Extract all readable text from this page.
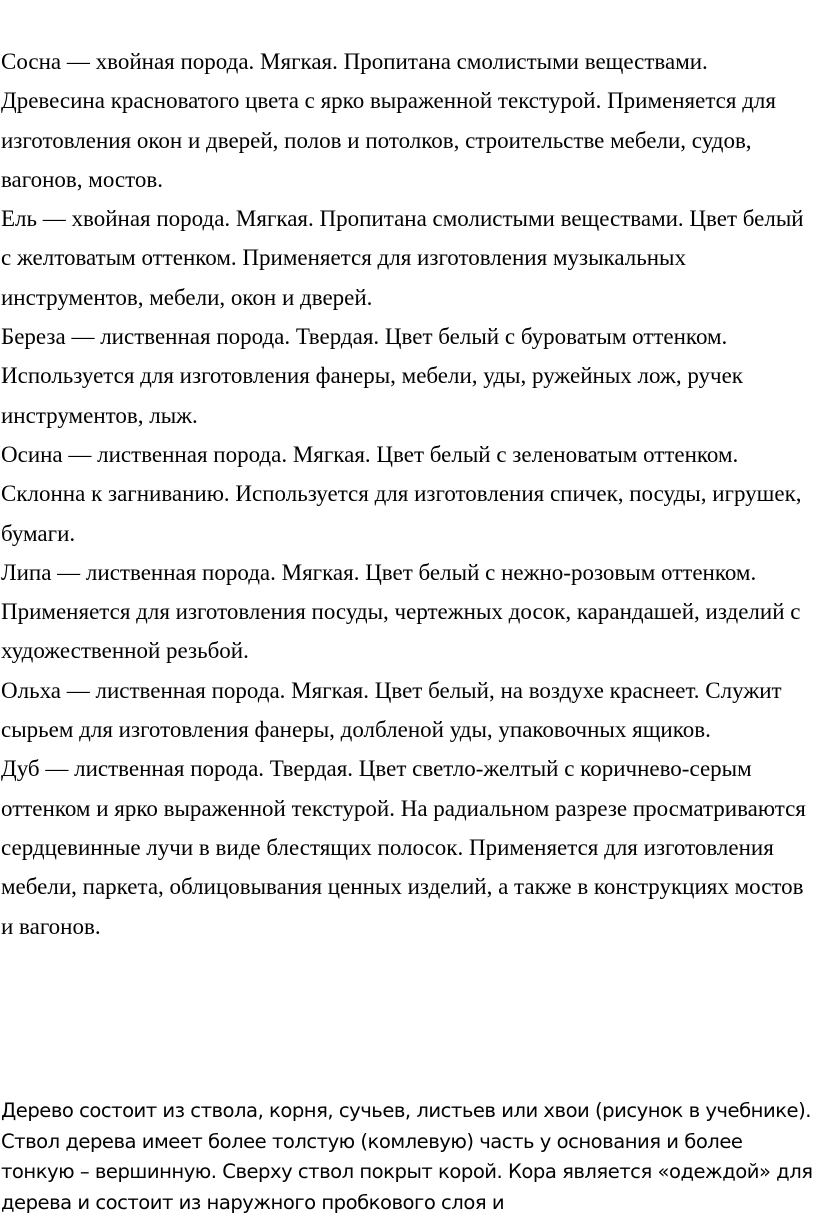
Сосна — хвойная порода. Мягкая. Пропитана смолистыми веществами. Древесина красноватого цвета с ярко выраженной текстурой. Применяется для изготовления окон и дверей, полов и потолков, строительстве мебели, судов, вагонов, мостов.

Ель — хвойная порода. Мягкая. Пропитана смолистыми веществами. Цвет белый с желтоватым оттенком. Применяется для изготовления музыкальных инструментов, мебели, окон и дверей.

Береза — лиственная порода. Твердая. Цвет белый с буроватым оттенком. Используется для изготовления фанеры, мебели, уды, ружейных лож, ручек инструментов, лыж.

Осина — лиственная порода. Мягкая. Цвет белый с зеленоватым оттенком. Склонна к загниванию. Используется для изготовления спичек, посуды, игрушек, бумаги.

Липа — лиственная порода. Мягкая. Цвет белый с нежно-розовым оттенком. Применяется для изготовления посуды, чертежных досок, карандашей, изделий с художественной резьбой.

Ольха — лиственная порода. Мягкая. Цвет белый, на воздухе краснеет. Служит сырьем для изготовления фанеры, долбленой уды, упаковочных ящиков.

Дуб — лиственная порода. Твердая. Цвет светло-желтый с коричнево-серым оттенком и ярко выраженной текстурой. На радиальном разрезе просматриваются сердцевинные лучи в виде блестящих полосок. Применяется для изготовления мебели, паркета, облицовывания ценных изделий, а также в конструкциях мостов и вагонов.

Дерево состоит из ствола, корня, сучьев, листьев или хвои (рисунок в учебнике). Ствол дерева имеет более толстую (комлевую) часть у основания и более тонкую – вершинную. Сверху ствол покрыт корой. Кора является «одеждой» для дерева и состоит из наружного пробкового слоя и
